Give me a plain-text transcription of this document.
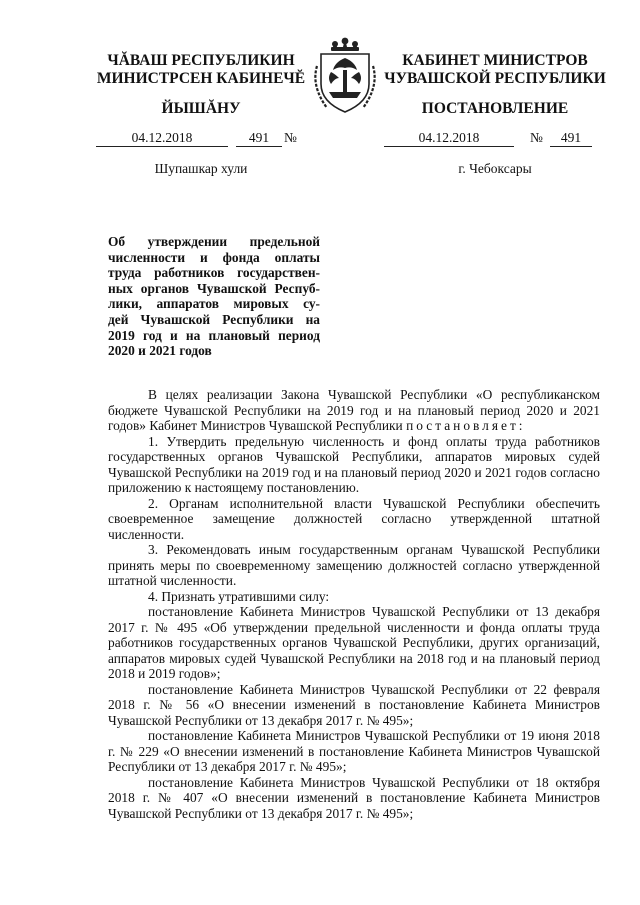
ЧĂВАШ РЕСПУБЛИКИН
МИНИСТРСЕН КАБИНЕЧĔ
ЙЫШĂНУ
КАБИНЕТ МИНИСТРОВ
ЧУВАШСКОЙ РЕСПУБЛИКИ
ПОСТАНОВЛЕНИЕ
04.12.2018	491	№	04.12.2018	№	491
Шупашкар хули	г. Чебоксары
Об утверждении предельной
численности и фонда оплаты
труда работников государствен-
ных органов Чувашской Респуб-
лики, аппаратов мировых су-
дей Чувашской Республики на
2019 год и на плановый период
2020 и 2021 годов

В целях реализации Закона Чувашской Республики «О республиканском бюджете Чувашской Республики на 2019 год и на плановый период 2020 и 2021 годов» Кабинет Министров Чувашской Республики постановляет:

1. Утвердить предельную численность и фонд оплаты труда работников государственных органов Чувашской Республики, аппаратов мировых судей Чувашской Республики на 2019 год и на плановый период 2020 и 2021 годов согласно приложению к настоящему постановлению.

2. Органам исполнительной власти Чувашской Республики обеспечить своевременное замещение должностей согласно утвержденной штатной численности.

3. Рекомендовать иным государственным органам Чувашской Республики принять меры по своевременному замещению должностей согласно утвержденной штатной численности.

4. Признать утратившими силу:

постановление Кабинета Министров Чувашской Республики от 13 декабря 2017 г. № 495 «Об утверждении предельной численности и фонда оплаты труда работников государственных органов Чувашской Республики, других организаций, аппаратов мировых судей Чувашской Республики на 2018 год и на плановый период 2018 и 2019 годов»;

постановление Кабинета Министров Чувашской Республики от 22 февраля 2018 г. № 56 «О внесении изменений в постановление Кабинета Министров Чувашской Республики от 13 декабря 2017 г. № 495»;

постановление Кабинета Министров Чувашской Республики от 19 июня 2018 г. № 229 «О внесении изменений в постановление Кабинета Министров Чувашской Республики от 13 декабря 2017 г. № 495»;

постановление Кабинета Министров Чувашской Республики от 18 октября 2018 г. № 407 «О внесении изменений в постановление Кабинета Министров Чувашской Республики от 13 декабря 2017 г. № 495»;
